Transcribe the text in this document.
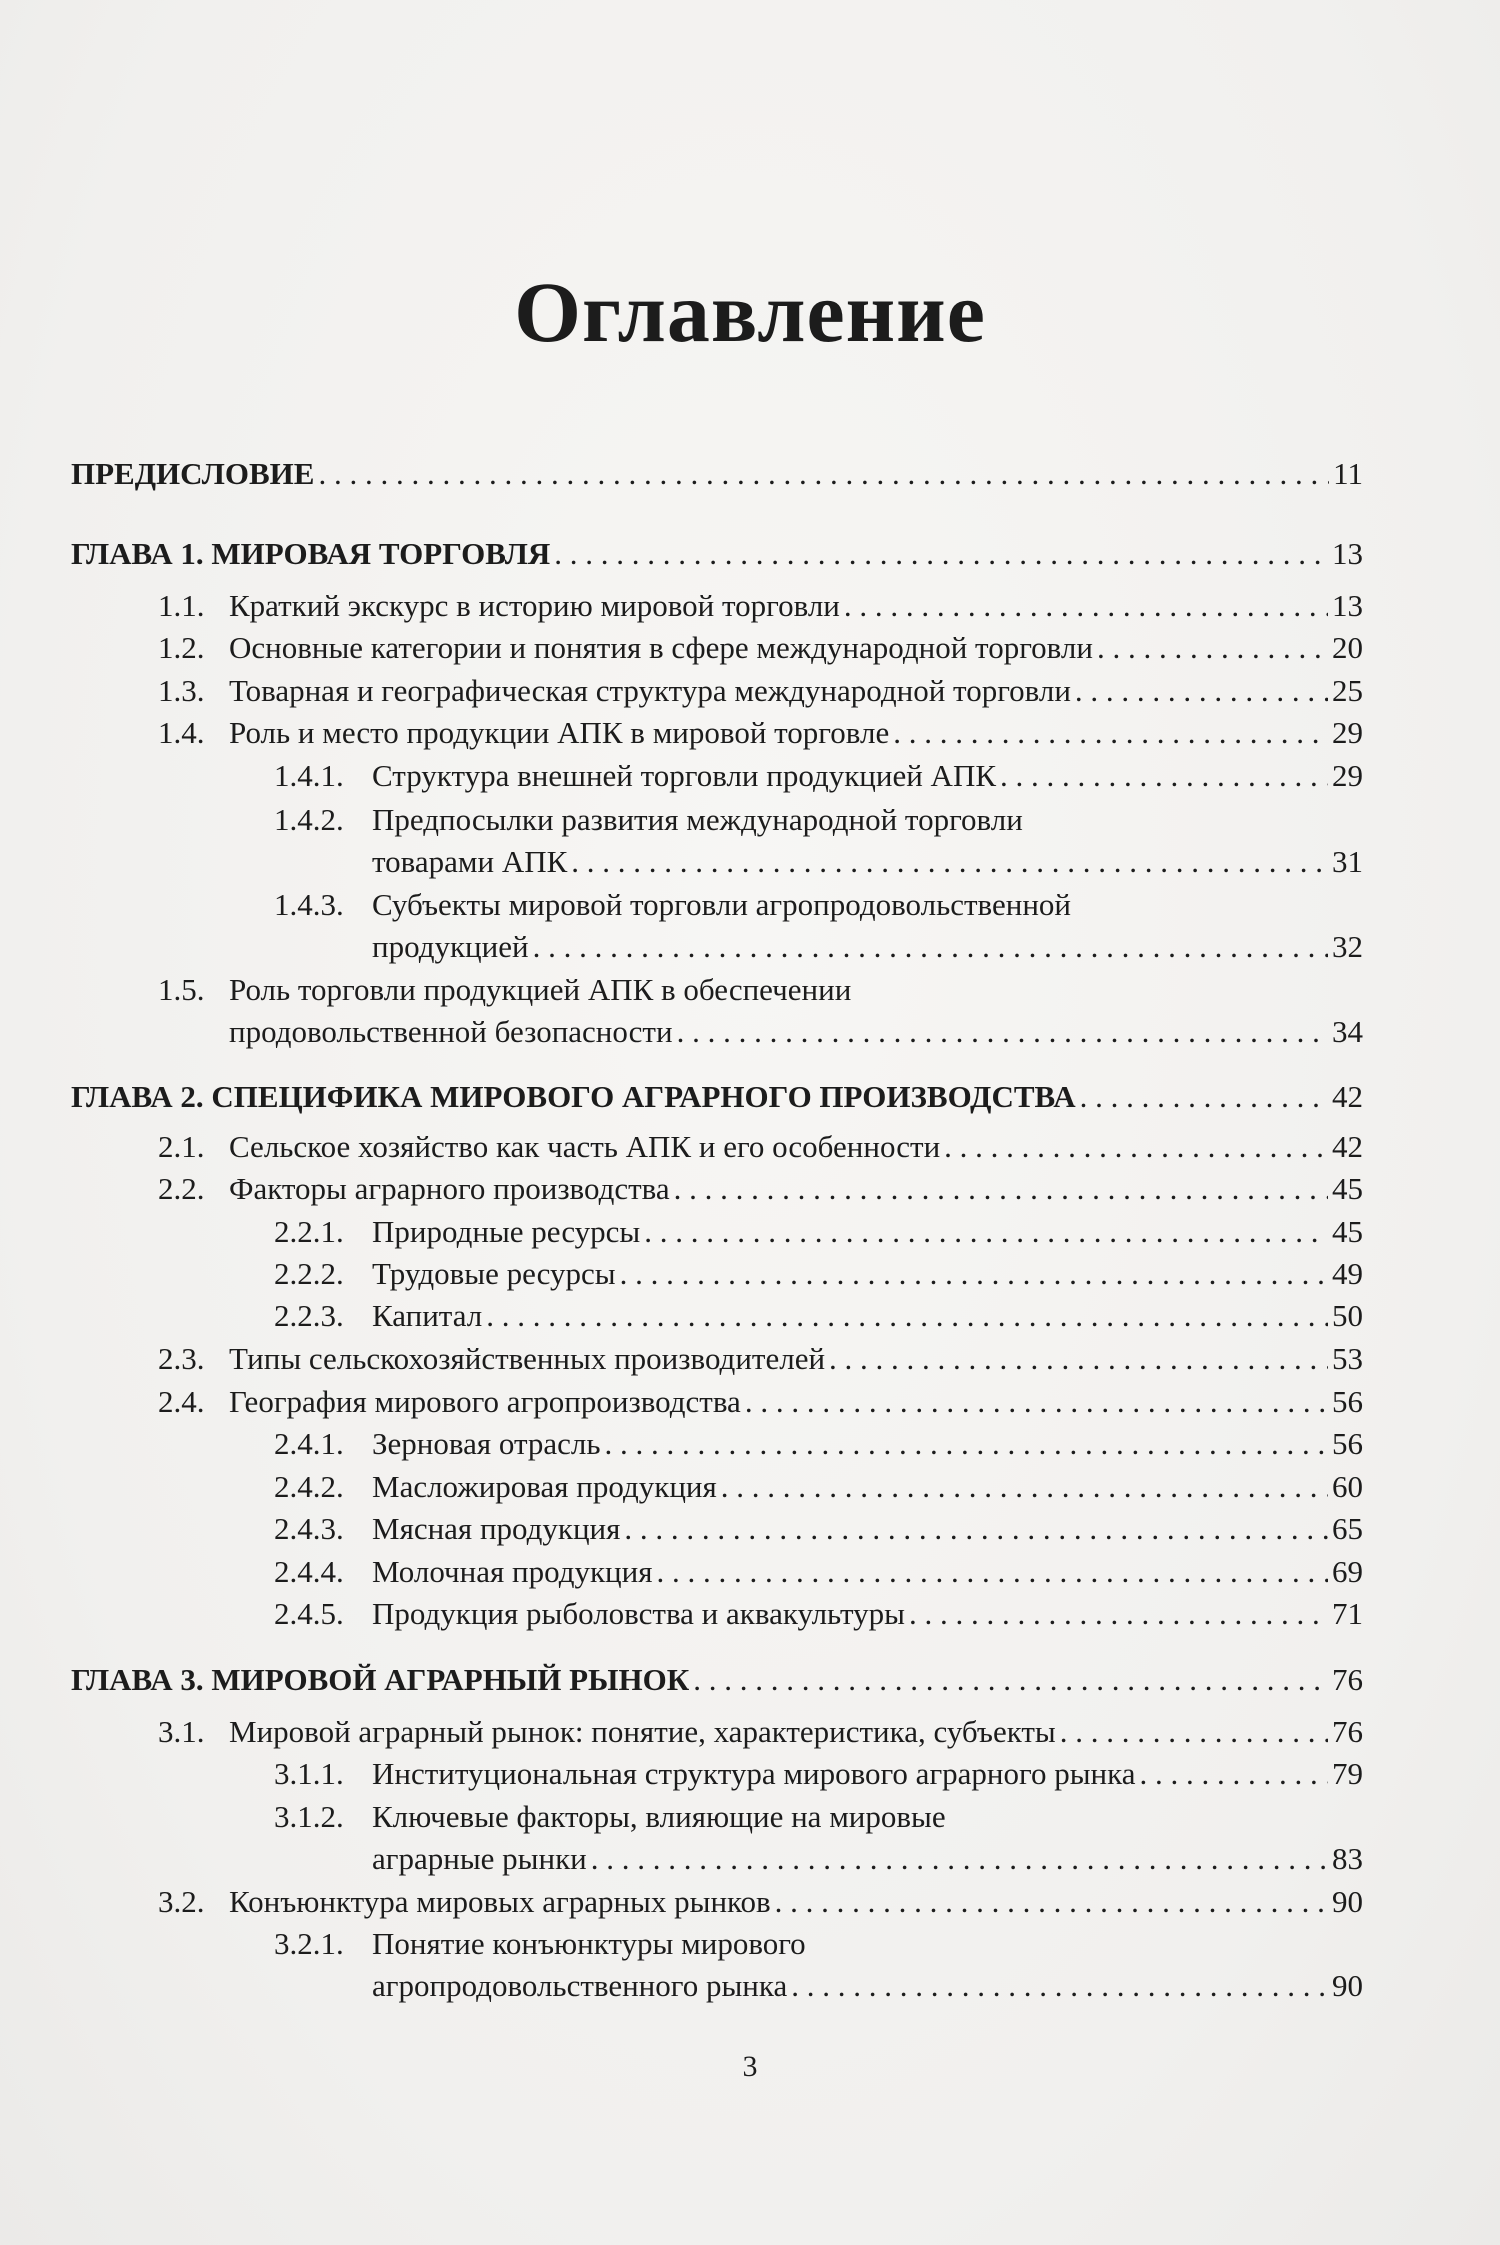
Оглавление
ПРЕДИСЛОВИЕ . . .	11
ГЛАВА 1. МИРОВАЯ ТОРГОВЛЯ . . .	13
1.1. Краткий экскурс в историю мировой торговли . . .	13
1.2. Основные категории и понятия в сфере международной торговли . . .	20
1.3. Товарная и географическая структура международной торговли . . .	25
1.4. Роль и место продукции АПК в мировой торговле . . .	29
1.4.1. Структура внешней торговли продукцией АПК . . .	29
1.4.2. Предпосылки развития международной торговли
товарами АПК . . .	31
1.4.3. Субъекты мировой торговли агропродовольственной
продукцией . . .	32
1.5. Роль торговли продукцией АПК в обеспечении
продовольственной безопасности . . .	34
ГЛАВА 2. СПЕЦИФИКА МИРОВОГО АГРАРНОГО ПРОИЗВОДСТВА . . .	42
2.1. Сельское хозяйство как часть АПК и его особенности . . .	42
2.2. Факторы аграрного производства . . .	45
2.2.1. Природные ресурсы . . .	45
2.2.2. Трудовые ресурсы . . .	49
2.2.3. Капитал . . .	50
2.3. Типы сельскохозяйственных производителей . . .	53
2.4. География мирового агропроизводства . . .	56
2.4.1. Зерновая отрасль . . .	56
2.4.2. Масложировая продукция . . .	60
2.4.3. Мясная продукция . . .	65
2.4.4. Молочная продукция . . .	69
2.4.5. Продукция рыболовства и аквакультуры . . .	71
ГЛАВА 3. МИРОВОЙ АГРАРНЫЙ РЫНОК . . .	76
3.1. Мировой аграрный рынок: понятие, характеристика, субъекты . . .	76
3.1.1. Институциональная структура мирового аграрного рынка . . .	79
3.1.2. Ключевые факторы, влияющие на мировые
аграрные рынки . . .	83
3.2. Конъюнктура мировых аграрных рынков . . .	90
3.2.1. Понятие конъюнктуры мирового
агропродовольственного рынка . . .	90
3
